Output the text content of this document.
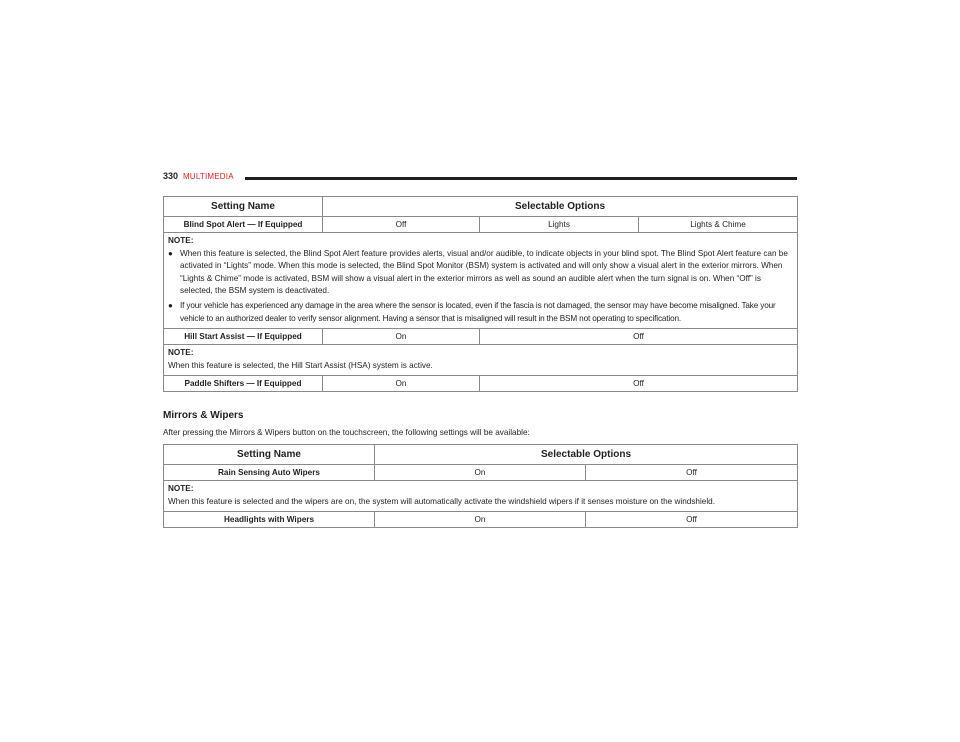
330 MULTIMEDIA
Setting Name	Selectable Options		
Blind Spot Alert — If Equipped	Off	Lights	Lights & Chime

NOTE:
● When this feature is selected, the Blind Spot Alert feature provides alerts, visual and/or audible, to indicate objects in your blind spot. The Blind Spot Alert feature can be activated in “Lights” mode. When this mode is selected, the Blind Spot Monitor (BSM) system is activated and will only show a visual alert in the exterior mirrors. When “Lights & Chime” mode is activated, BSM will show a visual alert in the exterior mirrors as well as sound an audible alert when the turn signal is on. When “Off” is selected, the BSM system is deactivated.
● If your vehicle has experienced any damage in the area where the sensor is located, even if the fascia is not damaged, the sensor may have become misaligned. Take your vehicle to an authorized dealer to verify sensor alignment. Having a sensor that is misaligned will result in the BSM not operating to specification.			

Hill Start Assist — If Equipped	On	Off	

NOTE:
When this feature is selected, the Hill Start Assist (HSA) system is active.			
Paddle Shifters — If Equipped	On	Off	
Mirrors & Wipers
After pressing the Mirrors & Wipers button on the touchscreen, the following settings will be available:
Setting Name	Selectable Options	
Rain Sensing Auto Wipers	On	Off

NOTE:
When this feature is selected and the wipers are on, the system will automatically activate the windshield wipers if it senses moisture on the windshield.		
Headlights with Wipers	On	Off
